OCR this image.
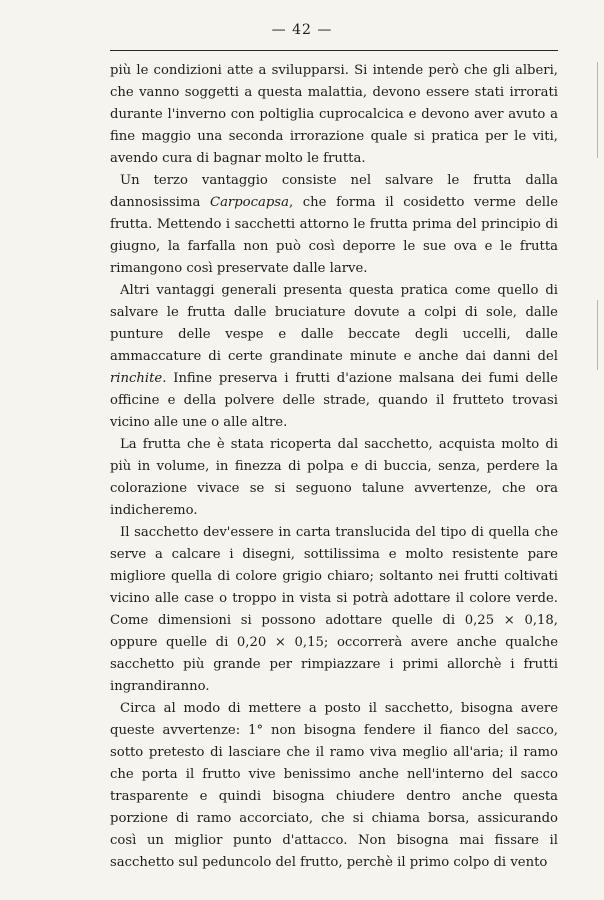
— 42 —

più le condizioni atte a svilupparsi. Si intende però che gli alberi, che vanno soggetti a questa malattia, devono essere stati irrorati durante l'inverno con poltiglia cuprocalcica e devono aver avuto a fine maggio una seconda irrorazione quale si pratica per le viti, avendo cura di bagnar molto le frutta.

Un terzo vantaggio consiste nel salvare le frutta dalla dannosissima Carpocapsa, che forma il cosidetto verme delle frutta. Mettendo i sacchetti attorno le frutta prima del principio di giugno, la farfalla non può così deporre le sue ova e le frutta rimangono così preservate dalle larve.

Altri vantaggi generali presenta questa pratica come quello di salvare le frutta dalle bruciature dovute a colpi di sole, dalle punture delle vespe e dalle beccate degli uccelli, dalle ammaccature di certe grandinate minute e anche dai danni del rinchite. Infine preserva i frutti d'azione malsana dei fumi delle officine e della polvere delle strade, quando il frutteto trovasi vicino alle une o alle altre.

La frutta che è stata ricoperta dal sacchetto, acquista molto di più in volume, in finezza di polpa e di buccia, senza, perdere la colorazione vivace se si seguono talune avvertenze, che ora indicheremo.

Il sacchetto dev'essere in carta translucida del tipo di quella che serve a calcare i disegni, sottilissima e molto resistente pare migliore quella di colore grigio chiaro; soltanto nei frutti coltivati vicino alle case o troppo in vista si potrà adottare il colore verde. Come dimensioni si possono adottare quelle di 0,25 × 0,18, oppure quelle di 0,20 × 0,15; occorrerà avere anche qualche sacchetto più grande per rimpiazzare i primi allorchè i frutti ingrandiranno.

Circa al modo di mettere a posto il sacchetto, bisogna avere queste avvertenze: 1° non bisogna fendere il fianco del sacco, sotto pretesto di lasciare che il ramo viva meglio all'aria; il ramo che porta il frutto vive benissimo anche nell'interno del sacco trasparente e quindi bisogna chiudere dentro anche questa porzione di ramo accorciato, che si chiama borsa, assicurando così un miglior punto d'attacco. Non bisogna mai fissare il sacchetto sul peduncolo del frutto, perchè il primo colpo di vento
